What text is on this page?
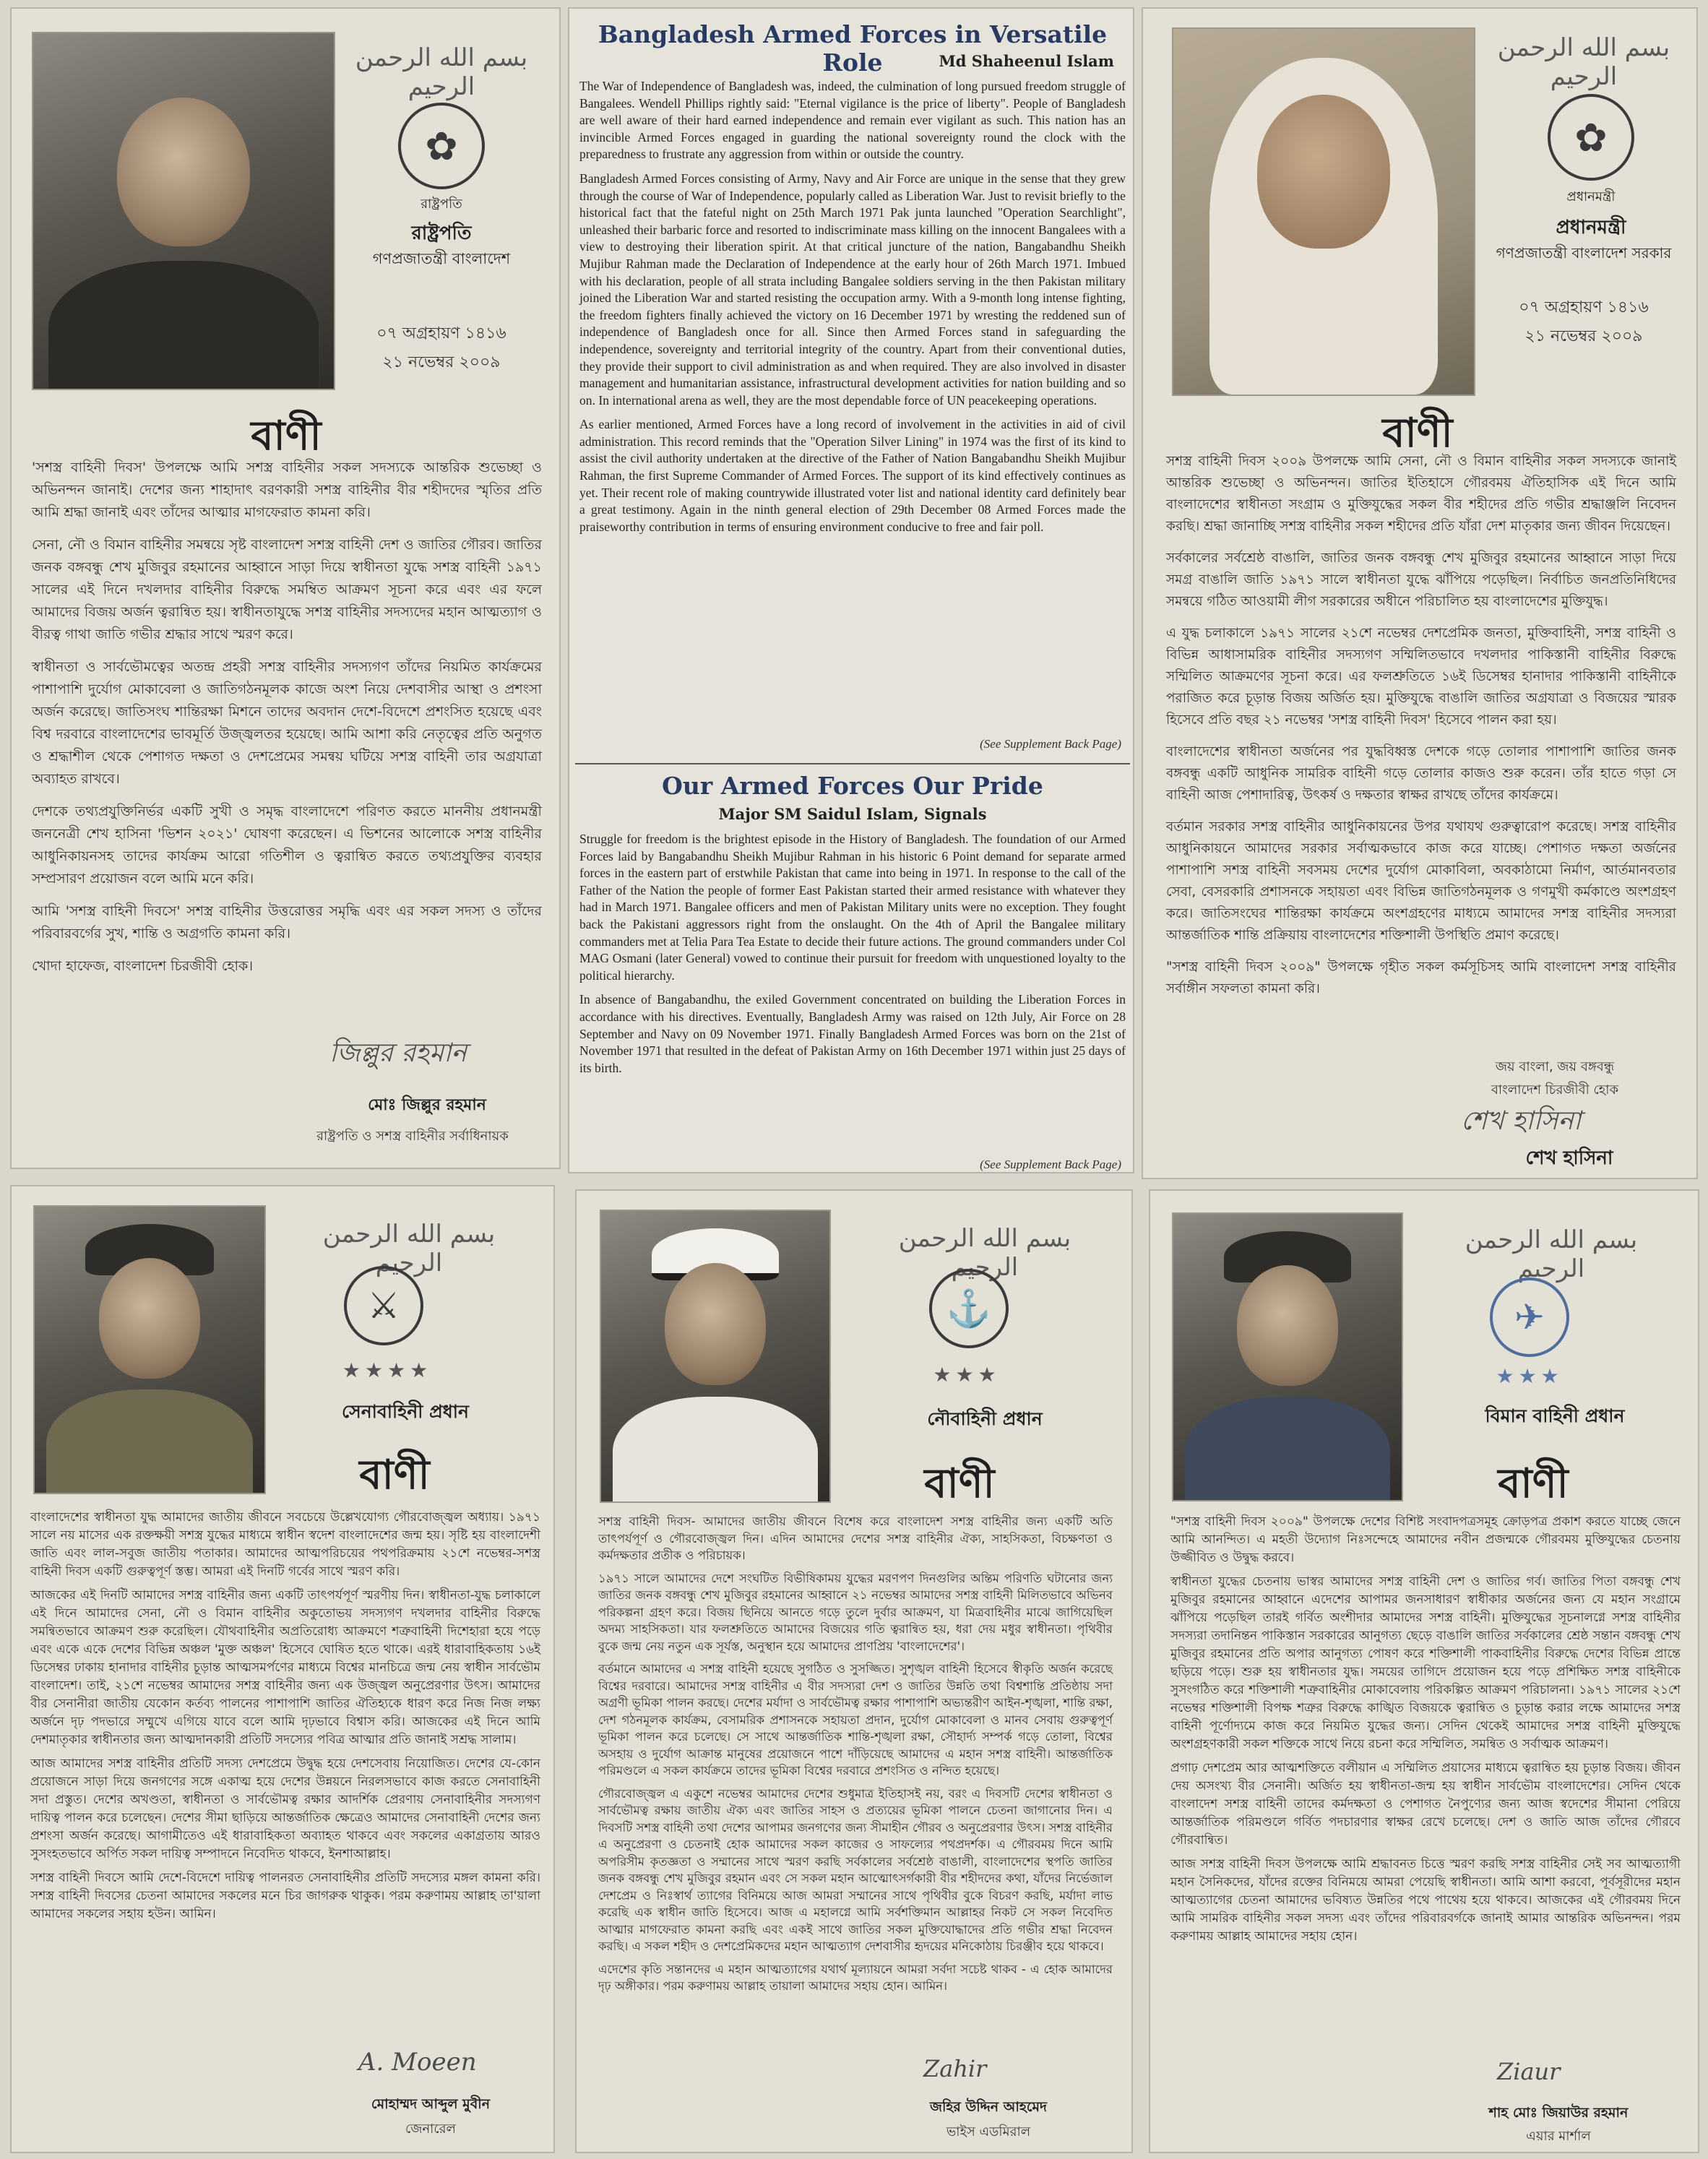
بسم الله الرحمن الرحيم
✿
রাষ্ট্রপতি
রাষ্ট্রপতি
গণপ্রজাতন্ত্রী বাংলাদেশ
০৭ অগ্রহায়ণ ১৪১৬
২১ নভেম্বর ২০০৯
বাণী

'সশস্ত্র বাহিনী দিবস' উপলক্ষে আমি সশস্ত্র বাহিনীর সকল সদস্যকে আন্তরিক শুভেচ্ছা ও অভিনন্দন জানাই। দেশের জন্য শাহাদাৎ বরণকারী সশস্ত্র বাহিনীর বীর শহীদদের স্মৃতির প্রতি আমি শ্রদ্ধা জানাই এবং তাঁদের আত্মার মাগফেরাত কামনা করি।

সেনা, নৌ ও বিমান বাহিনীর সমন্বয়ে সৃষ্ট বাংলাদেশ সশস্ত্র বাহিনী দেশ ও জাতির গৌরব। জাতির জনক বঙ্গবন্ধু শেখ মুজিবুর রহমানের আহ্বানে সাড়া দিয়ে স্বাধীনতা যুদ্ধে সশস্ত্র বাহিনী ১৯৭১ সালের এই দিনে দখলদার বাহিনীর বিরুদ্ধে সমম্বিত আক্রমণ সূচনা করে এবং এর ফলে আমাদের বিজয় অর্জন ত্বরান্বিত হয়। স্বাধীনতাযুদ্ধে সশস্ত্র বাহিনীর সদস্যদের মহান আত্মত্যাগ ও বীরত্ব গাথা জাতি গভীর শ্রদ্ধার সাথে স্মরণ করে।

স্বাধীনতা ও সার্বভৌমত্বের অতন্দ্র প্রহরী সশস্ত্র বাহিনীর সদস্যগণ তাঁদের নিয়মিত কার্যক্রমের পাশাপাশি দুর্যোগ মোকাবেলা ও জাতিগঠনমূলক কাজে অংশ নিয়ে দেশবাসীর আস্থা ও প্রশংসা অর্জন করেছে। জাতিসংঘ শান্তিরক্ষা মিশনে তাদের অবদান দেশে-বিদেশে প্রশংসিত হয়েছে এবং বিশ্ব দরবারে বাংলাদেশের ভাবমূর্তি উজ্জ্বলতর হয়েছে। আমি আশা করি নেতৃত্বের প্রতি অনুগত ও শ্রদ্ধাশীল থেকে পেশাগত দক্ষতা ও দেশপ্রেমের সমন্বয় ঘটিয়ে সশস্ত্র বাহিনী তার অগ্রযাত্রা অব্যাহত রাখবে।

দেশকে তথ্যপ্রযুক্তিনির্ভর একটি সুখী ও সমৃদ্ধ বাংলাদেশে পরিণত করতে মাননীয় প্রধানমন্ত্রী জননেত্রী শেখ হাসিনা 'ভিশন ২০২১' ঘোষণা করেছেন। এ ভিশনের আলোকে সশস্ত্র বাহিনীর আধুনিকায়নসহ তাদের কার্যক্রম আরো গতিশীল ও ত্বরান্বিত করতে তথ্যপ্রযুক্তির ব্যবহার সম্প্রসারণ প্রয়োজন বলে আমি মনে করি।

আমি 'সশস্ত্র বাহিনী দিবসে' সশস্ত্র বাহিনীর উত্তরোত্তর সমৃদ্ধি এবং এর সকল সদস্য ও তাঁদের পরিবারবর্গের সুখ, শান্তি ও অগ্রগতি কামনা করি।

খোদা হাফেজ, বাংলাদেশ চিরজীবী হোক।

জিল্লুর রহমান
মোঃ জিল্লুর রহমান
রাষ্ট্রপতি ও সশস্ত্র বাহিনীর সর্বাধিনায়ক
Bangladesh Armed Forces in Versatile Role	Md Shaheenul Islam

The War of Independence of Bangladesh was, indeed, the culmination of long pursued freedom struggle of Bangalees. Wendell Phillips rightly said: "Eternal vigilance is the price of liberty". People of Bangladesh are well aware of their hard earned independence and remain ever vigilant as such. This nation has an invincible Armed Forces engaged in guarding the national sovereignty round the clock with the preparedness to frustrate any aggression from within or outside the country.

Bangladesh Armed Forces consisting of Army, Navy and Air Force are unique in the sense that they grew through the course of War of Independence, popularly called as Liberation War. Just to revisit briefly to the historical fact that the fateful night on 25th March 1971 Pak junta launched "Operation Searchlight", unleashed their barbaric force and resorted to indiscriminate mass killing on the innocent Bangalees with a view to destroying their liberation spirit. At that critical juncture of the nation, Bangabandhu Sheikh Mujibur Rahman made the Declaration of Independence at the early hour of 26th March 1971. Imbued with his declaration, people of all strata including Bangalee soldiers serving in the then Pakistan military joined the Liberation War and started resisting the occupation army. With a 9-month long intense fighting, the freedom fighters finally achieved the victory on 16 December 1971 by wresting the reddened sun of independence of Bangladesh once for all. Since then Armed Forces stand in safeguarding the independence, sovereignty and territorial integrity of the country. Apart from their conventional duties, they provide their support to civil administration as and when required. They are also involved in disaster management and humanitarian assistance, infrastructural development activities for nation building and so on. In international arena as well, they are the most dependable force of UN peacekeeping operations.

As earlier mentioned, Armed Forces have a long record of involvement in the activities in aid of civil administration. This record reminds that the "Operation Silver Lining" in 1974 was the first of its kind to assist the civil authority undertaken at the directive of the Father of Nation Bangabandhu Sheikh Mujibur Rahman, the first Supreme Commander of Armed Forces. The support of its kind effectively continues as yet. Their recent role of making countrywide illustrated voter list and national identity card definitely bear a great testimony. Again in the ninth general election of 29th December 08 Armed Forces made the praiseworthy contribution in terms of ensuring environment conducive to free and fair poll.

(See Supplement Back Page)
Our Armed Forces Our Pride
Major SM Saidul Islam, Signals

Struggle for freedom is the brightest episode in the History of Bangladesh. The foundation of our Armed Forces laid by Bangabandhu Sheikh Mujibur Rahman in his historic 6 Point demand for separate armed forces in the eastern part of erstwhile Pakistan that came into being in 1971. In response to the call of the Father of the Nation the people of former East Pakistan started their armed resistance with whatever they had in March 1971. Bangalee officers and men of Pakistan Military units were no exception. They fought back the Pakistani aggressors right from the onslaught. On the 4th of April the Bangalee military commanders met at Telia Para Tea Estate to decide their future actions. The ground commanders under Col MAG Osmani (later General) vowed to continue their pursuit for freedom with unquestioned loyalty to the political hierarchy.

In absence of Bangabandhu, the exiled Government concentrated on building the Liberation Forces in accordance with his directives. Eventually, Bangladesh Army was raised on 12th July, Air Force on 28 September and Navy on 09 November 1971. Finally Bangladesh Armed Forces was born on the 21st of November 1971 that resulted in the defeat of Pakistan Army on 16th December 1971 within just 25 days of its birth.

(See Supplement Back Page)
بسم الله الرحمن الرحيم
✿
প্রধানমন্ত্রী
প্রধানমন্ত্রী
গণপ্রজাতন্ত্রী বাংলাদেশ সরকার
০৭ অগ্রহায়ণ ১৪১৬
২১ নভেম্বর ২০০৯
বাণী

সশস্ত্র বাহিনী দিবস ২০০৯ উপলক্ষে আমি সেনা, নৌ ও বিমান বাহিনীর সকল সদস্যকে জানাই আন্তরিক শুভেচ্ছা ও অভিনন্দন। জাতির ইতিহাসে গৌরবময় ঐতিহাসিক এই দিনে আমি বাংলাদেশের স্বাধীনতা সংগ্রাম ও মুক্তিযুদ্ধের সকল বীর শহীদের প্রতি গভীর শ্রদ্ধাঞ্জলি নিবেদন করছি। শ্রদ্ধা জানাচ্ছি সশস্ত্র বাহিনীর সকল শহীদের প্রতি যাঁরা দেশ মাতৃকার জন্য জীবন দিয়েছেন।

সর্বকালের সর্বশ্রেষ্ঠ বাঙালি, জাতির জনক বঙ্গবন্ধু শেখ মুজিবুর রহমানের আহ্বানে সাড়া দিয়ে সমগ্র বাঙালি জাতি ১৯৭১ সালে স্বাধীনতা যুদ্ধে ঝাঁপিয়ে পড়েছিল। নির্বাচিত জনপ্রতিনিধিদের সমন্বয়ে গঠিত আওয়ামী লীগ সরকারের অধীনে পরিচালিত হয় বাংলাদেশের মুক্তিযুদ্ধ।

এ যুদ্ধ চলাকালে ১৯৭১ সালের ২১শে নভেম্বর দেশপ্রেমিক জনতা, মুক্তিবাহিনী, সশস্ত্র বাহিনী ও বিভিন্ন আধাসামরিক বাহিনীর সদস্যগণ সম্মিলিতভাবে দখলদার পাকিস্তানী বাহিনীর বিরুদ্ধে সম্মিলিত আক্রমণের সূচনা করে। এর ফলশ্রুতিতে ১৬ই ডিসেম্বর হানাদার পাকিস্তানী বাহিনীকে পরাজিত করে চূড়ান্ত বিজয় অর্জিত হয়। মুক্তিযুদ্ধে বাঙালি জাতির অগ্রযাত্রা ও বিজয়ের স্মারক হিসেবে প্রতি বছর ২১ নভেম্বর 'সশস্ত্র বাহিনী দিবস' হিসেবে পালন করা হয়।

বাংলাদেশের স্বাধীনতা অর্জনের পর যুদ্ধবিধ্বস্ত দেশকে গড়ে তোলার পাশাপাশি জাতির জনক বঙ্গবন্ধু একটি আধুনিক সামরিক বাহিনী গড়ে তোলার কাজও শুরু করেন। তাঁর হাতে গড়া সে বাহিনী আজ পেশাদারিত্ব, উৎকর্ষ ও দক্ষতার স্বাক্ষর রাখছে তাঁদের কার্যক্রমে।

বর্তমান সরকার সশস্ত্র বাহিনীর আধুনিকায়নের উপর যথাযথ গুরুত্বারোপ করেছে। সশস্ত্র বাহিনীর আধুনিকায়নে আমাদের সরকার সর্বাত্মকভাবে কাজ করে যাচ্ছে। পেশাগত দক্ষতা অর্জনের পাশাপাশি সশস্ত্র বাহিনী সবসময় দেশের দুর্যোগ মোকাবিলা, অবকাঠামো নির্মাণ, আর্তমানবতার সেবা, বেসরকারি প্রশাসনকে সহায়তা এবং বিভিন্ন জাতিগঠনমূলক ও গণমুখী কর্মকাণ্ডে অংশগ্রহণ করে। জাতিসংঘের শান্তিরক্ষা কার্যক্রমে অংশগ্রহণের মাধ্যমে আমাদের সশস্ত্র বাহিনীর সদস্যরা আন্তর্জাতিক শান্তি প্রক্রিয়ায় বাংলাদেশের শক্তিশালী উপস্থিতি প্রমাণ করেছে।

"সশস্ত্র বাহিনী দিবস ২০০৯" উপলক্ষে গৃহীত সকল কর্মসূচিসহ আমি বাংলাদেশ সশস্ত্র বাহিনীর সর্বাঙ্গীন সফলতা কামনা করি।

জয় বাংলা, জয় বঙ্গবন্ধু
বাংলাদেশ চিরজীবী হোক
শেখ হাসিনা
শেখ হাসিনা
بسم الله الرحمن الرحيم
⚔
★★★★
সেনাবাহিনী প্রধান
বাণী

বাংলাদেশের স্বাধীনতা যুদ্ধ আমাদের জাতীয় জীবনে সবচেয়ে উল্লেখযোগ্য গৌরবোজ্জ্বল অধ্যায়। ১৯৭১ সালে নয় মাসের এক রক্তক্ষয়ী সশস্ত্র যুদ্ধের মাধ্যমে স্বাধীন স্বদেশ বাংলাদেশের জন্ম হয়। সৃষ্টি হয় বাংলাদেশী জাতি এবং লাল-সবুজ জাতীয় পতাকার। আমাদের আত্মপরিচয়ের পথপরিক্রমায় ২১শে নভেম্বর-সশস্ত্র বাহিনী দিবস একটি গুরুত্বপূর্ণ স্তম্ভ। আমরা এই দিনটি গর্বের সাথে স্মরণ করি।

আজকের এই দিনটি আমাদের সশস্ত্র বাহিনীর জন্য একটি তাৎপর্যপূর্ণ স্মরণীয় দিন। স্বাধীনতা-যুদ্ধ চলাকালে এই দিনে আমাদের সেনা, নৌ ও বিমান বাহিনীর অকুতোভয় সদস্যগণ দখলদার বাহিনীর বিরুদ্ধে সমন্বিতভাবে আক্রমণ শুরু করেছিল। যৌথবাহিনীর অপ্রতিরোধ্য আক্রমণে শত্রুবাহিনী দিশেহারা হয়ে পড়ে এবং একে একে দেশের বিভিন্ন অঞ্চল 'মুক্ত অঞ্চল' হিসেবে ঘোষিত হতে থাকে। এরই ধারাবাহিকতায় ১৬ই ডিসেম্বর ঢাকায় হানাদার বাহিনীর চূড়ান্ত আত্মসমর্পণের মাধ্যমে বিশ্বের মানচিত্রে জন্ম নেয় স্বাধীন সার্বভৌম বাংলাদেশ। তাই, ২১শে নভেম্বর আমাদের সশস্ত্র বাহিনীর জন্য এক উজ্জ্বল অনুপ্রেরণার উৎস। আমাদের বীর সেনানীরা জাতীয় যেকোন কর্তব্য পালনের পাশাপাশি জাতির ঐতিহ্যকে ধারণ করে নিজ নিজ লক্ষ্য অর্জনে দৃঢ় পদভারে সম্মুখে এগিয়ে যাবে বলে আমি দৃঢ়ভাবে বিশ্বাস করি। আজকের এই দিনে আমি দেশমাতৃকার স্বাধীনতার জন্য আত্মদানকারী প্রতিটি সদস্যের পবিত্র আত্মার প্রতি জানাই সশ্রদ্ধ সালাম।

আজ আমাদের সশস্ত্র বাহিনীর প্রতিটি সদস্য দেশপ্রেমে উদ্বুদ্ধ হয়ে দেশসেবায় নিয়োজিত। দেশের যে-কোন প্রয়োজনে সাড়া দিয়ে জনগণের সঙ্গে একাত্ম হয়ে দেশের উন্নয়নে নিরলসভাবে কাজ করতে সেনাবাহিনী সদা প্রস্তুত। দেশের অখণ্ডতা, স্বাধীনতা ও সার্বভৌমত্ব রক্ষার আদর্শিক প্রেরণায় সেনাবাহিনীর সদস্যগণ দায়িত্ব পালন করে চলেছেন। দেশের সীমা ছাড়িয়ে আন্তর্জাতিক ক্ষেত্রেও আমাদের সেনাবাহিনী দেশের জন্য প্রশংসা অর্জন করেছে। আগামীতেও এই ধারাবাহিকতা অব্যাহত থাকবে এবং সকলের একাগ্রতায় আরও সুসংহতভাবে অর্পিত সকল দায়িত্ব সম্পাদনে নিবেদিত থাকবে, ইনশাআল্লাহ।

সশস্ত্র বাহিনী দিবসে আমি দেশে-বিদেশে দায়িত্ব পালনরত সেনাবাহিনীর প্রতিটি সদস্যের মঙ্গল কামনা করি। সশস্ত্র বাহিনী দিবসের চেতনা আমাদের সকলের মনে চির জাগরুক থাকুক। পরম করুণাময় আল্লাহ তা'য়ালা আমাদের সকলের সহায় হউন। আমিন।

A. Moeen
মোহাম্মদ আব্দুল মুবীন
জেনারেল
بسم الله الرحمن الرحيم
⚓
★★★
নৌবাহিনী প্রধান
বাণী

সশস্ত্র বাহিনী দিবস- আমাদের জাতীয় জীবনে বিশেষ করে বাংলাদেশ সশস্ত্র বাহিনীর জন্য একটি অতি তাৎপর্যপূর্ণ ও গৌরবোজ্জ্বল দিন। এদিন আমাদের দেশের সশস্ত্র বাহিনীর ঐক্য, সাহসিকতা, বিচক্ষণতা ও কর্মদক্ষতার প্রতীক ও পরিচায়ক।

১৯৭১ সালে আমাদের দেশে সংঘটিত বিভীষিকাময় যুদ্ধের মরণপণ দিনগুলির অন্তিম পরিণতি ঘটানোর জন্য জাতির জনক বঙ্গবন্ধু শেখ মুজিবুর রহমানের আহ্বানে ২১ নভেম্বর আমাদের সশস্ত্র বাহিনী মিলিতভাবে অভিনব পরিকল্পনা গ্রহণ করে। বিজয় ছিনিয়ে আনতে গড়ে তুলে দুর্বার আক্রমণ, যা মিত্রবাহিনীর মাঝে জাগিয়েছিল অদম্য সাহসিকতা। যার ফলশ্রুতিতে আমাদের বিজয়ের গতি ত্বরান্বিত হয়, ধরা দেয় মধুর স্বাধীনতা। পৃথিবীর বুকে জন্ম নেয় নতুন এক সূর্যস্ত, অনুস্থান হয়ে আমাদের প্রাণপ্রিয় 'বাংলাদেশের'।

বর্তমানে আমাদের এ সশস্ত্র বাহিনী হয়েছে সুগঠিত ও সুসজ্জিত। সুশৃঙ্খল বাহিনী হিসেবে স্বীকৃতি অর্জন করেছে বিশ্বের দরবারে। আমাদের সশস্ত্র বাহিনীর এ বীর সদস্যরা দেশ ও জাতির উন্নতি তথা বিশ্বশান্তি প্রতিষ্ঠায় সদা অগ্রণী ভূমিকা পালন করছে। দেশের মর্যাদা ও সার্বভৌমত্ব রক্ষার পাশাপাশি অভ্যন্তরীণ আইন-শৃঙ্খলা, শান্তি রক্ষা, দেশ গঠনমূলক কার্যক্রম, বেসামরিক প্রশাসনকে সহায়তা প্রদান, দুর্যোগ মোকাবেলা ও মানব সেবায় গুরুত্বপূর্ণ ভূমিকা পালন করে চলেছে। সে সাথে আন্তর্জাতিক শান্তি-শৃঙ্খলা রক্ষা, সৌহার্দ্য সম্পর্ক গড়ে তোলা, বিশ্বের অসহায় ও দুর্যোগ আক্রান্ত মানুষের প্রয়োজনে পাশে দাঁড়িয়েছে আমাদের এ মহান সশস্ত্র বাহিনী। আন্তর্জাতিক পরিমণ্ডলে এ সকল কার্যক্রমে তাদের ভূমিকা বিশ্বের দরবারে প্রশংসিত ও নন্দিত হয়েছে।

গৌরবোজ্জ্বল এ একুশে নভেম্বর আমাদের দেশের শুধুমাত্র ইতিহাসই নয়, বরং এ দিবসটি দেশের স্বাধীনতা ও সার্বভৌমত্ব রক্ষায় জাতীয় ঐক্য এবং জাতির সাহস ও প্রত্যয়ের ভূমিকা পালনে চেতনা জাগানোর দিন। এ দিবসটি সশস্ত্র বাহিনী তথা দেশের আপামর জনগণের জন্য সীমাহীন গৌরব ও অনুপ্রেরণার উৎস। সশস্ত্র বাহিনীর এ অনুপ্রেরণা ও চেতনাই হোক আমাদের সকল কাজের ও সাফল্যের পথপ্রদর্শক। এ গৌরবময় দিনে আমি অপরিসীম কৃতজ্ঞতা ও সম্মানের সাথে স্মরণ করছি সর্বকালের সর্বশ্রেষ্ঠ বাঙালী, বাংলাদেশের স্থপতি জাতির জনক বঙ্গবন্ধু শেখ মুজিবুর রহমান এবং সে সকল মহান আত্মোৎসর্গকারী বীর শহীদদের কথা, যাঁদের নির্ভেজাল দেশপ্রেম ও নিঃস্বার্থ ত্যাগের বিনিময়ে আজ আমরা সম্মানের সাথে পৃথিবীর বুকে বিচরণ করছি, মর্যাদা লাভ করেছি এক স্বাধীন জাতি হিসেবে। আজ এ মহালগ্নে আমি সর্বশক্তিমান আল্লাহর নিকট সে সকল নিবেদিত আত্মার মাগফেরাত কামনা করছি এবং একই সাথে জাতির সকল মুক্তিযোদ্ধাদের প্রতি গভীর শ্রদ্ধা নিবেদন করছি। এ সকল শহীদ ও দেশপ্রেমিকদের মহান আত্মত্যাগ দেশবাসীর হৃদয়ের মনিকোঠায় চিরঞ্জীব হয়ে থাকবে।

এদেশের কৃতি সন্তানদের এ মহান আত্মত্যাগের যথার্থ মূল্যায়নে আমরা সর্বদা সচেষ্ট থাকব - এ হোক আমাদের দৃঢ় অঙ্গীকার। পরম করুণাময় আল্লাহ তায়ালা আমাদের সহায় হোন। আমিন।

Zahir
জহির উদ্দিন আহমেদ
ভাইস এডমিরাল
بسم الله الرحمن الرحيم
✈
★★★
বিমান বাহিনী প্রধান
বাণী

"সশস্ত্র বাহিনী দিবস ২০০৯" উপলক্ষে দেশের বিশিষ্ট সংবাদপত্রসমূহ ক্রোড়পত্র প্রকাশ করতে যাচ্ছে জেনে আমি আনন্দিত। এ মহতী উদ্যোগ নিঃসন্দেহে আমাদের নবীন প্রজন্মকে গৌরবময় মুক্তিযুদ্ধের চেতনায় উজ্জীবিত ও উদ্বুদ্ধ করবে।

স্বাধীনতা যুদ্ধের চেতনায় ভাস্বর আমাদের সশস্ত্র বাহিনী দেশ ও জাতির গর্ব। জাতির পিতা বঙ্গবন্ধু শেখ মুজিবুর রহমানের আহ্বানে এদেশের আপামর জনসাধারণ স্বাধীকার অর্জনের জন্য যে মহান সংগ্রামে ঝাঁপিয়ে পড়েছিল তারই গর্বিত অংশীদার আমাদের সশস্ত্র বাহিনী। মুক্তিযুদ্ধের সূচনালগ্নে সশস্ত্র বাহিনীর সদস্যরা তদানিন্তন পাকিস্তান সরকারের আনুগত্য ছেড়ে বাঙালি জাতির সর্বকালের শ্রেষ্ঠ সন্তান বঙ্গবন্ধু শেখ মুজিবুর রহমানের প্রতি অপার আনুগত্য পোষণ করে শক্তিশালী পাকবাহিনীর বিরুদ্ধে দেশের বিভিন্ন প্রান্তে ছড়িয়ে পড়ে। শুরু হয় স্বাধীনতার যুদ্ধ। সময়ের তাগিদে প্রয়োজন হয়ে পড়ে প্রশিক্ষিত সশস্ত্র বাহিনীকে সুসংগঠিত করে শক্তিশালী শত্রুবাহিনীর মোকাবেলায় পরিকল্পিত আক্রমণ পরিচালনা। ১৯৭১ সালের ২১শে নভেম্বর শক্তিশালী বিপক্ষ শত্রুর বিরুদ্ধে কাঙ্খিত বিজয়কে ত্বরান্বিত ও চূড়ান্ত করার লক্ষে আমাদের সশস্ত্র বাহিনী পূর্ণোদ্যমে কাজ করে নিয়মিত যুদ্ধের জন্য। সেদিন থেকেই আমাদের সশস্ত্র বাহিনী মুক্তিযুদ্ধে অংশগ্রহণকারী সকল শক্তিকে সাথে নিয়ে রচনা করে সম্মিলিত, সমন্বিত ও সর্বাত্মক আক্রমণ।

প্রগাঢ় দেশপ্রেম আর আত্মশক্তিতে বলীয়ান এ সম্মিলিত প্রয়াসের মাধ্যমে ত্বরান্বিত হয় চূড়ান্ত বিজয়। জীবন দেয় অসংখ্য বীর সেনানী। অর্জিত হয় স্বাধীনতা-জন্ম হয় স্বাধীন সার্বভৌম বাংলাদেশের। সেদিন থেকে বাংলাদেশ সশস্ত্র বাহিনী তাদের কর্মদক্ষতা ও পেশাগত নৈপুণ্যের জন্য আজ স্বদেশের সীমানা পেরিয়ে আন্তর্জাতিক পরিমণ্ডলে গর্বিত পদচারণার স্বাক্ষর রেখে চলেছে। দেশ ও জাতি আজ তাঁদের গৌরবে গৌরবান্বিত।

আজ সশস্ত্র বাহিনী দিবস উপলক্ষে আমি শ্রদ্ধাবনত চিত্তে স্মরণ করছি সশস্ত্র বাহিনীর সেই সব আত্মত্যাগী মহান সৈনিকদের, যাঁদের রক্তের বিনিময়ে আমরা পেয়েছি স্বাধীনতা। আমি আশা করবো, পূর্বসূরীদের মহান আত্মত্যাগের চেতনা আমাদের ভবিষ্যত উন্নতির পথে পাথেয় হয়ে থাকবে। আজকের এই গৌরবময় দিনে আমি সামরিক বাহিনীর সকল সদস্য এবং তাঁদের পরিবারবর্গকে জানাই আমার আন্তরিক অভিনন্দন। পরম করুণাময় আল্লাহ আমাদের সহায় হোন।

Ziaur
শাহ মোঃ জিয়াউর রহমান
এয়ার মার্শাল
